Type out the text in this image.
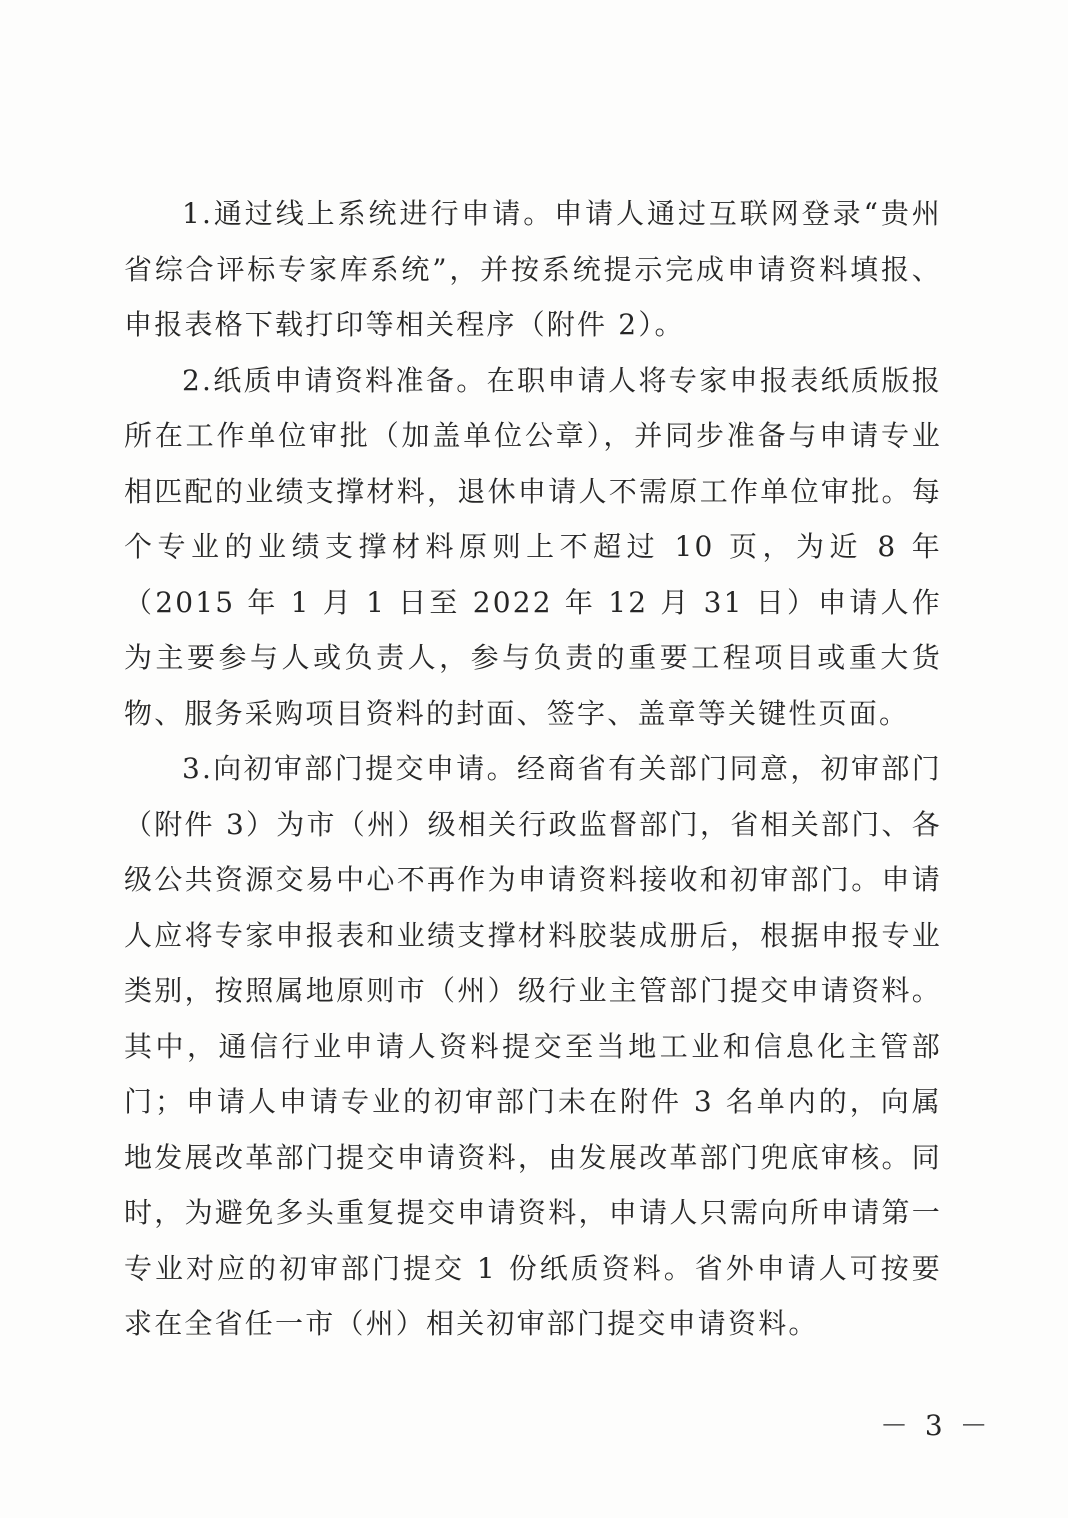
1.通过线上系统进行申请。申请人通过互联网登录“贵州省综合评标专家库系统”，并按系统提示完成申请资料填报、申报表格下载打印等相关程序（附件 2）。

2.纸质申请资料准备。在职申请人将专家申报表纸质版报所在工作单位审批（加盖单位公章），并同步准备与申请专业相匹配的业绩支撑材料，退休申请人不需原工作单位审批。每个专业的业绩支撑材料原则上不超过 10 页，为近 8 年（2015 年 1 月 1 日至 2022 年 12 月 31 日）申请人作为主要参与人或负责人，参与负责的重要工程项目或重大货物、服务采购项目资料的封面、签字、盖章等关键性页面。

3.向初审部门提交申请。经商省有关部门同意，初审部门（附件 3）为市（州）级相关行政监督部门，省相关部门、各级公共资源交易中心不再作为申请资料接收和初审部门。申请人应将专家申报表和业绩支撑材料胶装成册后，根据申报专业类别，按照属地原则市（州）级行业主管部门提交申请资料。其中，通信行业申请人资料提交至当地工业和信息化主管部门；申请人申请专业的初审部门未在附件 3 名单内的，向属地发展改革部门提交申请资料，由发展改革部门兜底审核。同时，为避免多头重复提交申请资料，申请人只需向所申请第一专业对应的初审部门提交 1 份纸质资料。省外申请人可按要求在全省任一市（州）相关初审部门提交申请资料。

－ 3 －
